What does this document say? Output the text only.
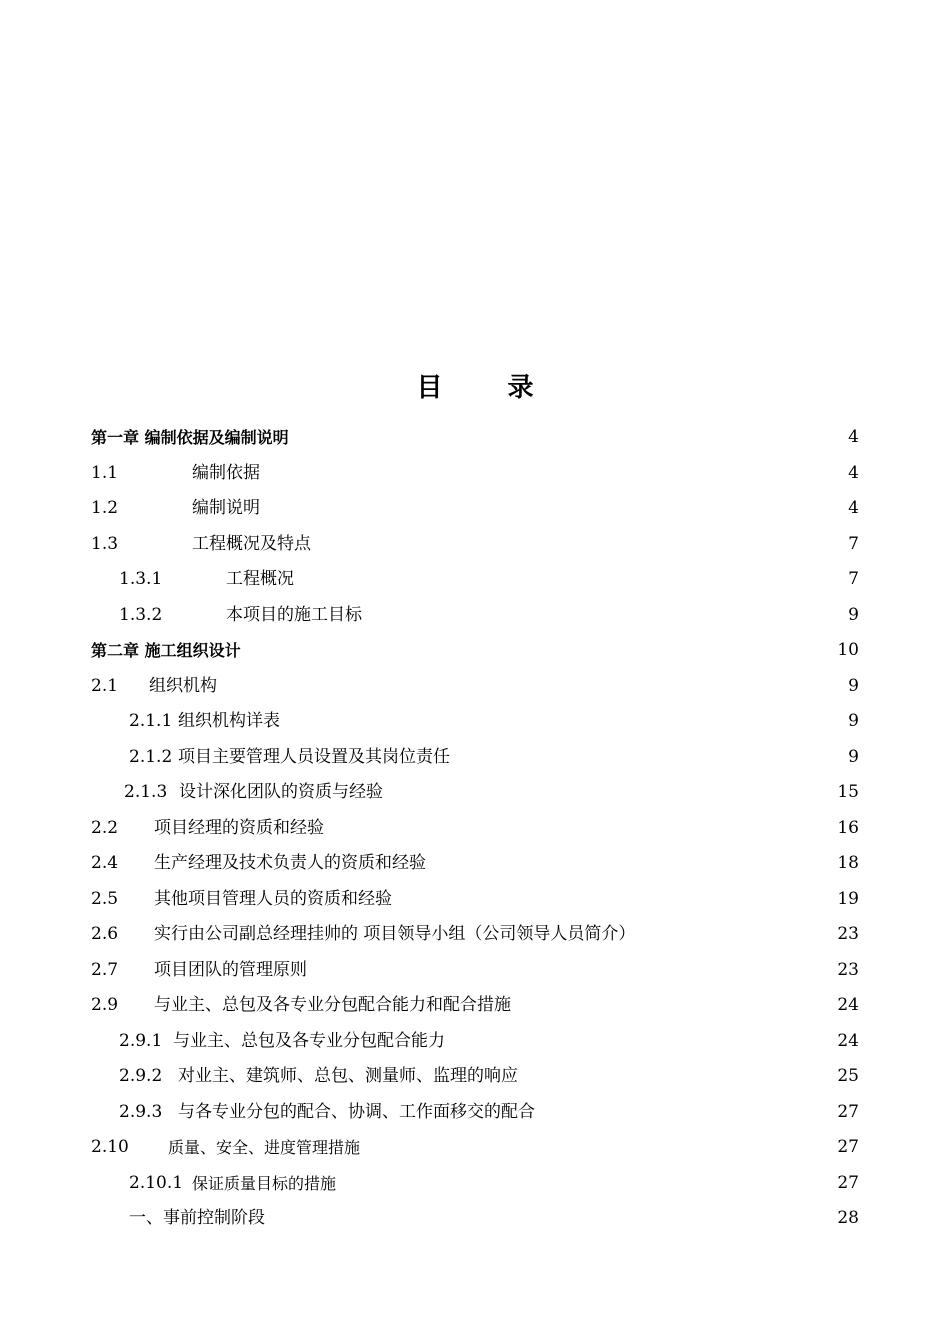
目 录
第一章 编制依据及编制说明	4
1.1	编制依据	4
1.2	编制说明	4
1.3	工程概况及特点	7
1.3.1	工程概况	7
1.3.2	本项目的施工目标	9
第二章 施工组织设计	10
2.1 组织机构	9
2.1.1 组织机构详表	9
2.1.2 项目主要管理人员设置及其岗位责任	9
2.1.3 设计深化团队的资质与经验	15
2.2 项目经理的资质和经验	16
2.4 生产经理及技术负责人的资质和经验	18
2.5 其他项目管理人员的资质和经验	19
2.6 实行由公司副总经理挂帅的 项目领导小组（公司领导人员简介）	23
2.7 项目团队的管理原则	23
2.9 与业主、总包及各专业分包配合能力和配合措施	24
2.9.1 与业主、总包及各专业分包配合能力	24
2.9.2 对业主、建筑师、总包、测量师、监理的响应	25
2.9.3 与各专业分包的配合、协调、工作面移交的配合	27
2.10 质量、安全、进度管理措施	27
2.10.1 保证质量目标的措施	27
一、事前控制阶段	28
